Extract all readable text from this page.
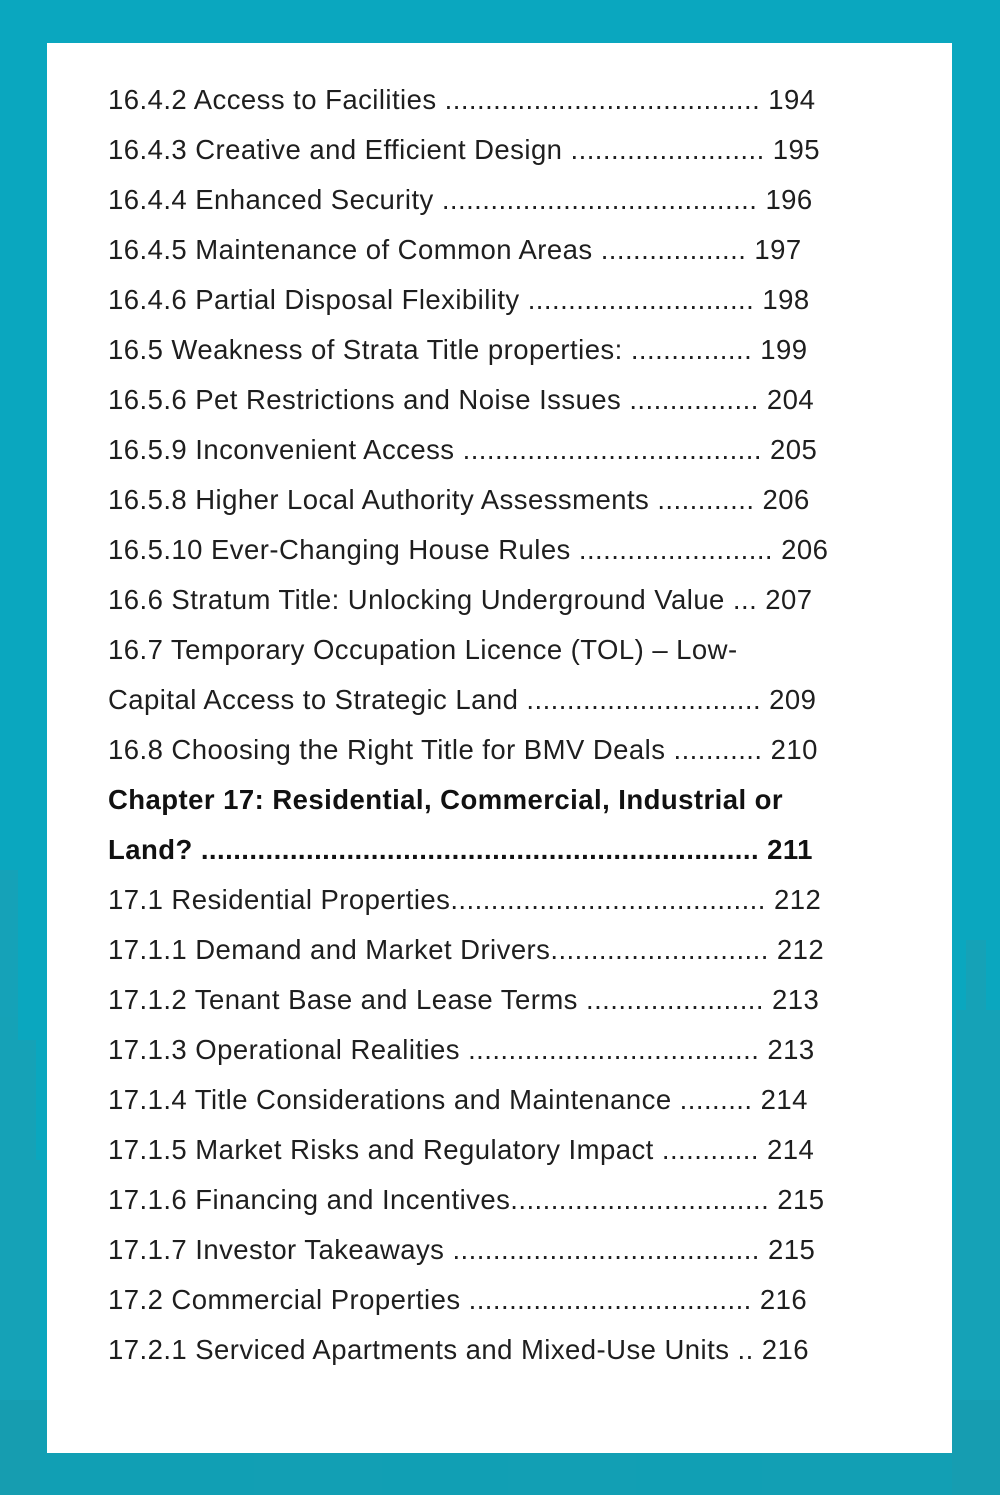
16.4.2 Access to Facilities ....................................... 194
16.4.3 Creative and Efficient Design ........................ 195
16.4.4 Enhanced Security ....................................... 196
16.4.5 Maintenance of Common Areas .................. 197
16.4.6 Partial Disposal Flexibility ............................ 198
16.5 Weakness of Strata Title properties: ............... 199
16.5.6 Pet Restrictions and Noise Issues ................ 204
16.5.9 Inconvenient Access ..................................... 205
16.5.8 Higher Local Authority Assessments ............ 206
16.5.10 Ever-Changing House Rules ........................ 206
16.6 Stratum Title: Unlocking Underground Value ... 207
16.7 Temporary Occupation Licence (TOL) – Low-
Capital Access to Strategic Land ............................. 209
16.8 Choosing the Right Title for BMV Deals ........... 210
Chapter 17: Residential, Commercial, Industrial or
Land? ..................................................................... 211
17.1 Residential Properties....................................... 212
17.1.1 Demand and Market Drivers........................... 212
17.1.2 Tenant Base and Lease Terms ...................... 213
17.1.3 Operational Realities .................................... 213
17.1.4 Title Considerations and Maintenance ......... 214
17.1.5 Market Risks and Regulatory Impact ............ 214
17.1.6 Financing and Incentives................................ 215
17.1.7 Investor Takeaways ...................................... 215
17.2 Commercial Properties ................................... 216
17.2.1 Serviced Apartments and Mixed-Use Units .. 216
